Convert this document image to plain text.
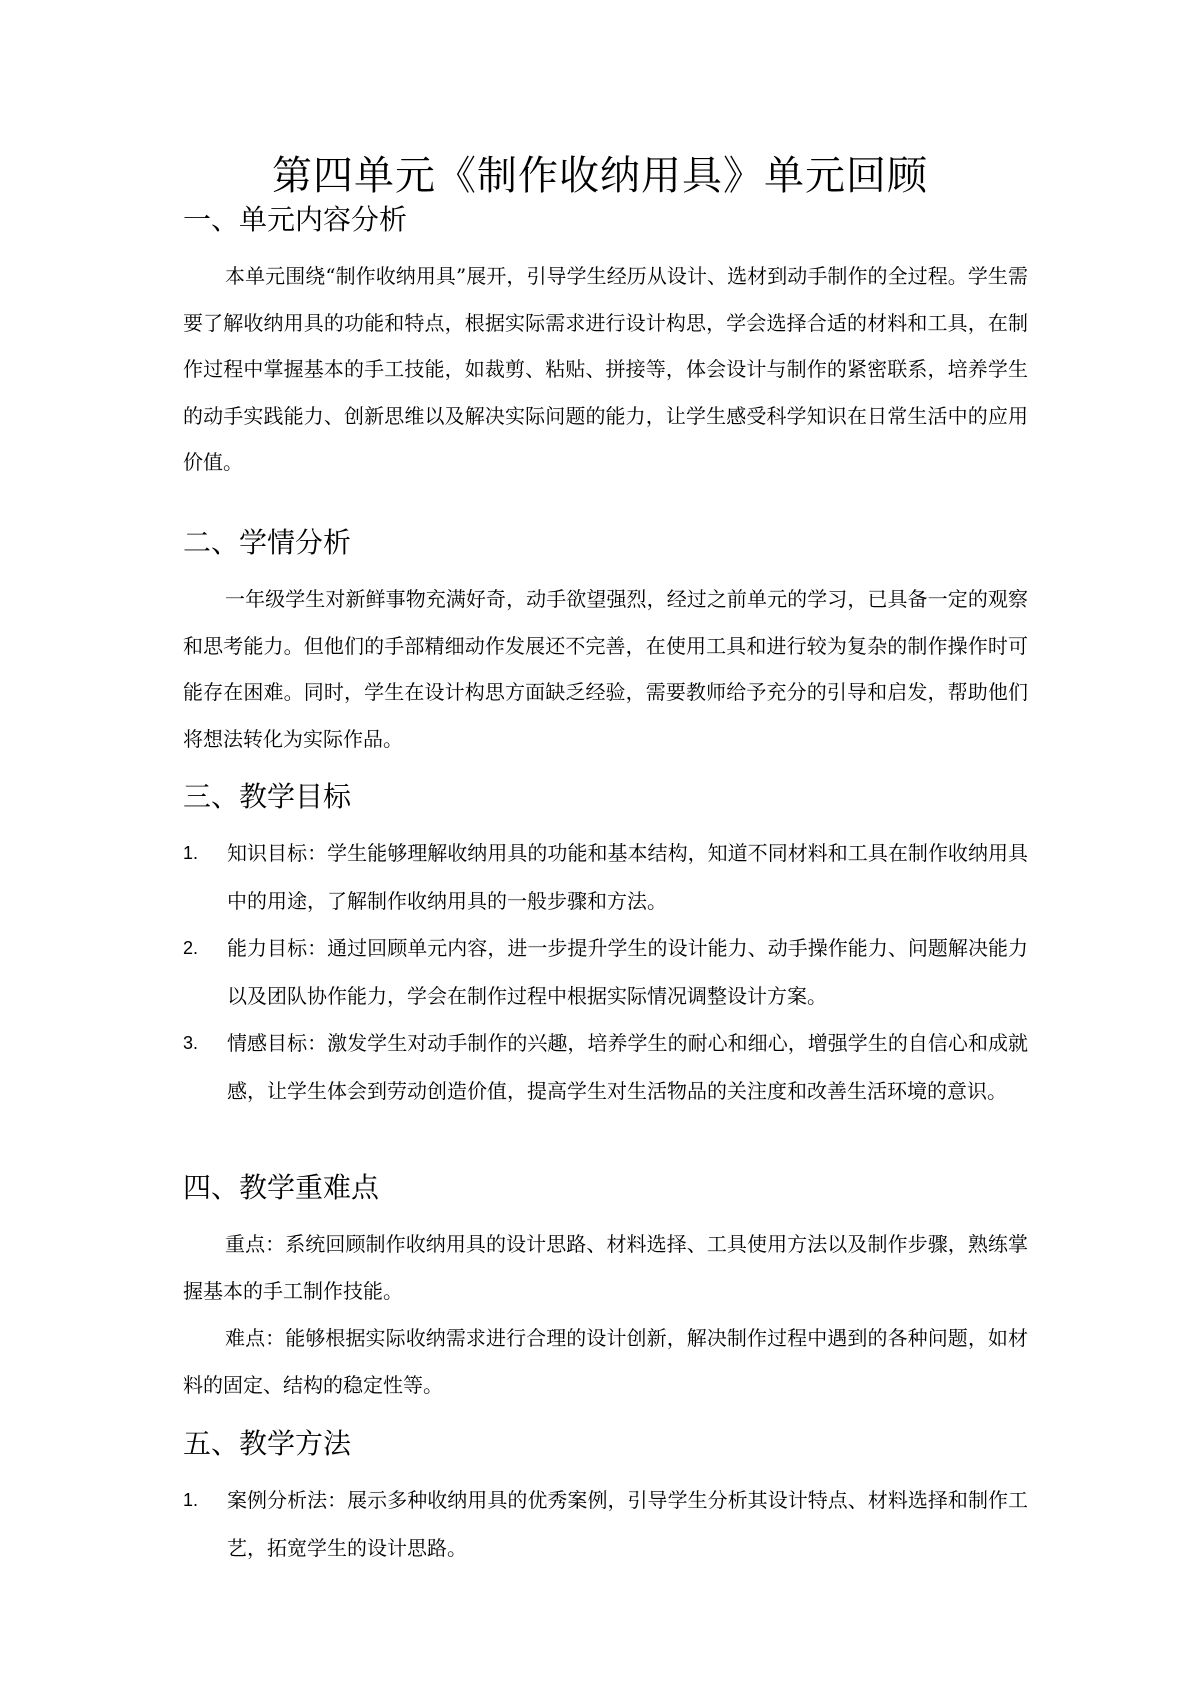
第四单元《制作收纳用具》单元回顾
一、单元内容分析

本单元围绕“制作收纳用具”展开，引导学生经历从设计、选材到动手制作的全过程。学生需要了解收纳用具的功能和特点，根据实际需求进行设计构思，学会选择合适的材料和工具，在制作过程中掌握基本的手工技能，如裁剪、粘贴、拼接等，体会设计与制作的紧密联系，培养学生的动手实践能力、创新思维以及解决实际问题的能力，让学生感受科学知识在日常生活中的应用价值。

二、学情分析

一年级学生对新鲜事物充满好奇，动手欲望强烈，经过之前单元的学习，已具备一定的观察和思考能力。但他们的手部精细动作发展还不完善，在使用工具和进行较为复杂的制作操作时可能存在困难。同时，学生在设计构思方面缺乏经验，需要教师给予充分的引导和启发，帮助他们将想法转化为实际作品。

三、教学目标
1. 知识目标：学生能够理解收纳用具的功能和基本结构，知道不同材料和工具在制作收纳用具中的用途，了解制作收纳用具的一般步骤和方法。
2. 能力目标：通过回顾单元内容，进一步提升学生的设计能力、动手操作能力、问题解决能力以及团队协作能力，学会在制作过程中根据实际情况调整设计方案。
3. 情感目标：激发学生对动手制作的兴趣，培养学生的耐心和细心，增强学生的自信心和成就感，让学生体会到劳动创造价值，提高学生对生活物品的关注度和改善生活环境的意识。
四、教学重难点

重点：系统回顾制作收纳用具的设计思路、材料选择、工具使用方法以及制作步骤，熟练掌握基本的手工制作技能。

难点：能够根据实际收纳需求进行合理的设计创新，解决制作过程中遇到的各种问题，如材料的固定、结构的稳定性等。

五、教学方法
1. 案例分析法：展示多种收纳用具的优秀案例，引导学生分析其设计特点、材料选择和制作工艺，拓宽学生的设计思路。
